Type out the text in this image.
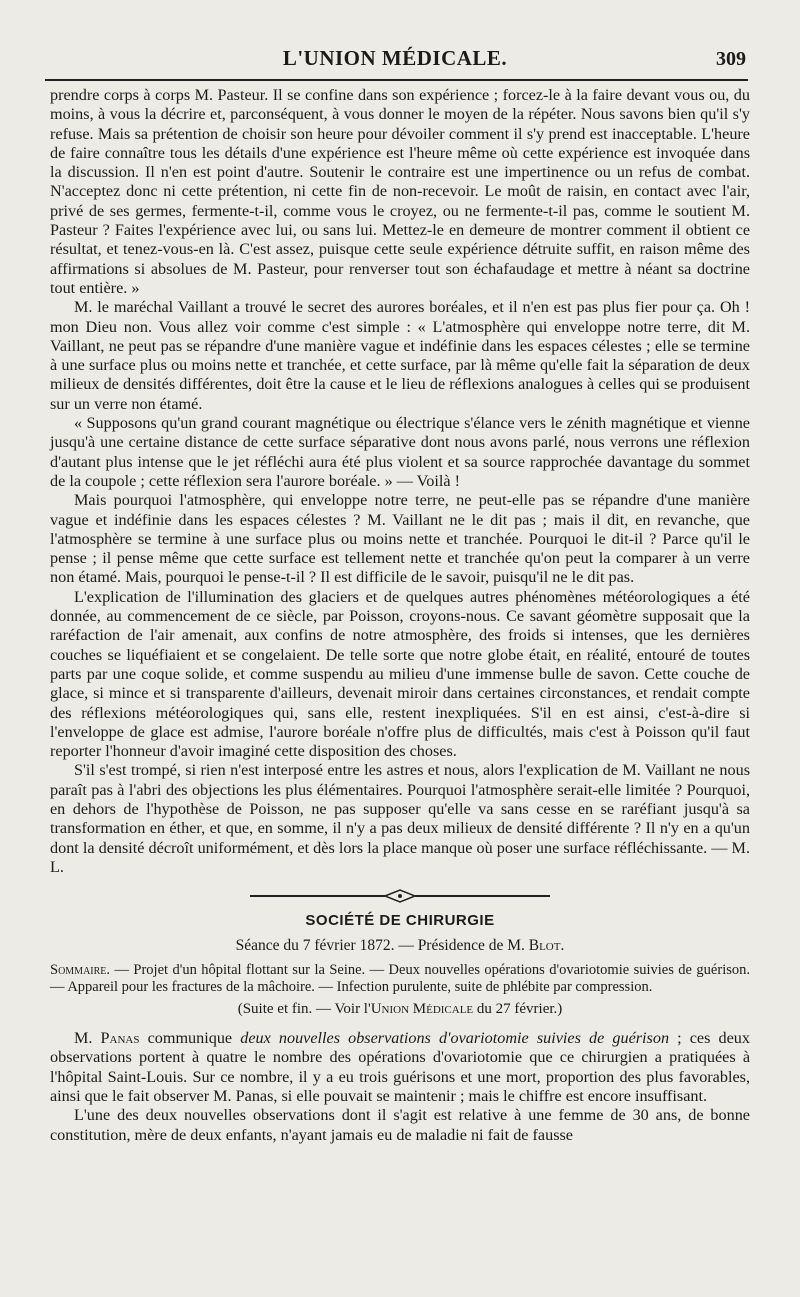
L'UNION MÉDICALE.	309

prendre corps à corps M. Pasteur. Il se confine dans son expérience ; forcez-le à la faire devant vous ou, du moins, à vous la décrire et, parconséquent, à vous donner le moyen de la répéter. Nous savons bien qu'il s'y refuse. Mais sa prétention de choisir son heure pour dévoiler comment il s'y prend est inacceptable. L'heure de faire connaître tous les détails d'une expérience est l'heure même où cette expérience est invoquée dans la discussion. Il n'en est point d'autre. Soutenir le contraire est une impertinence ou un refus de combat. N'acceptez donc ni cette prétention, ni cette fin de non-recevoir. Le moût de raisin, en contact avec l'air, privé de ses germes, fermente-t-il, comme vous le croyez, ou ne fermente-t-il pas, comme le soutient M. Pasteur ? Faites l'expérience avec lui, ou sans lui. Mettez-le en demeure de montrer comment il obtient ce résultat, et tenez-vous-en là. C'est assez, puisque cette seule expérience détruite suffit, en raison même des affirmations si absolues de M. Pasteur, pour renverser tout son échafaudage et mettre à néant sa doctrine tout entière. »

M. le maréchal Vaillant a trouvé le secret des aurores boréales, et il n'en est pas plus fier pour ça. Oh ! mon Dieu non. Vous allez voir comme c'est simple : « L'atmosphère qui enveloppe notre terre, dit M. Vaillant, ne peut pas se répandre d'une manière vague et indéfinie dans les espaces célestes ; elle se termine à une surface plus ou moins nette et tranchée, et cette surface, par là même qu'elle fait la séparation de deux milieux de densités différentes, doit être la cause et le lieu de réflexions analogues à celles qui se produisent sur un verre non étamé.

« Supposons qu'un grand courant magnétique ou électrique s'élance vers le zénith magnétique et vienne jusqu'à une certaine distance de cette surface séparative dont nous avons parlé, nous verrons une réflexion d'autant plus intense que le jet réfléchi aura été plus violent et sa source rapprochée davantage du sommet de la coupole ; cette réflexion sera l'aurore boréale. » — Voilà !

Mais pourquoi l'atmosphère, qui enveloppe notre terre, ne peut-elle pas se répandre d'une manière vague et indéfinie dans les espaces célestes ? M. Vaillant ne le dit pas ; mais il dit, en revanche, que l'atmosphère se termine à une surface plus ou moins nette et tranchée. Pourquoi le dit-il ? Parce qu'il le pense ; il pense même que cette surface est tellement nette et tranchée qu'on peut la comparer à un verre non étamé. Mais, pourquoi le pense-t-il ? Il est difficile de le savoir, puisqu'il ne le dit pas.

L'explication de l'illumination des glaciers et de quelques autres phénomènes météorologiques a été donnée, au commencement de ce siècle, par Poisson, croyons-nous. Ce savant géomètre supposait que la raréfaction de l'air amenait, aux confins de notre atmosphère, des froids si intenses, que les dernières couches se liquéfiaient et se congelaient. De telle sorte que notre globe était, en réalité, entouré de toutes parts par une coque solide, et comme suspendu au milieu d'une immense bulle de savon. Cette couche de glace, si mince et si transparente d'ailleurs, devenait miroir dans certaines circonstances, et rendait compte des réflexions météorologiques qui, sans elle, restent inexpliquées. S'il en est ainsi, c'est-à-dire si l'enveloppe de glace est admise, l'aurore boréale n'offre plus de difficultés, mais c'est à Poisson qu'il faut reporter l'honneur d'avoir imaginé cette disposition des choses.

S'il s'est trompé, si rien n'est interposé entre les astres et nous, alors l'explication de M. Vaillant ne nous paraît pas à l'abri des objections les plus élémentaires. Pourquoi l'atmosphère serait-elle limitée ? Pourquoi, en dehors de l'hypothèse de Poisson, ne pas supposer qu'elle va sans cesse en se raréfiant jusqu'à sa transformation en éther, et que, en somme, il n'y a pas deux milieux de densité différente ? Il n'y en a qu'un dont la densité décroît uniformément, et dès lors la place manque où poser une surface réfléchissante. — M. L.

SOCIÉTÉ DE CHIRURGIE
Séance du 7 février 1872. — Présidence de M. Blot.

Sommaire. — Projet d'un hôpital flottant sur la Seine. — Deux nouvelles opérations d'ovariotomie suivies de guérison. — Appareil pour les fractures de la mâchoire. — Infection purulente, suite de phlébite par compression.

(Suite et fin. — Voir l'Union Médicale du 27 février.)

M. Panas communique deux nouvelles observations d'ovariotomie suivies de guérison ; ces deux observations portent à quatre le nombre des opérations d'ovariotomie que ce chirurgien a pratiquées à l'hôpital Saint-Louis. Sur ce nombre, il y a eu trois guérisons et une mort, proportion des plus favorables, ainsi que le fait observer M. Panas, si elle pouvait se maintenir ; mais le chiffre est encore insuffisant.

L'une des deux nouvelles observations dont il s'agit est relative à une femme de 30 ans, de bonne constitution, mère de deux enfants, n'ayant jamais eu de maladie ni fait de fausse
